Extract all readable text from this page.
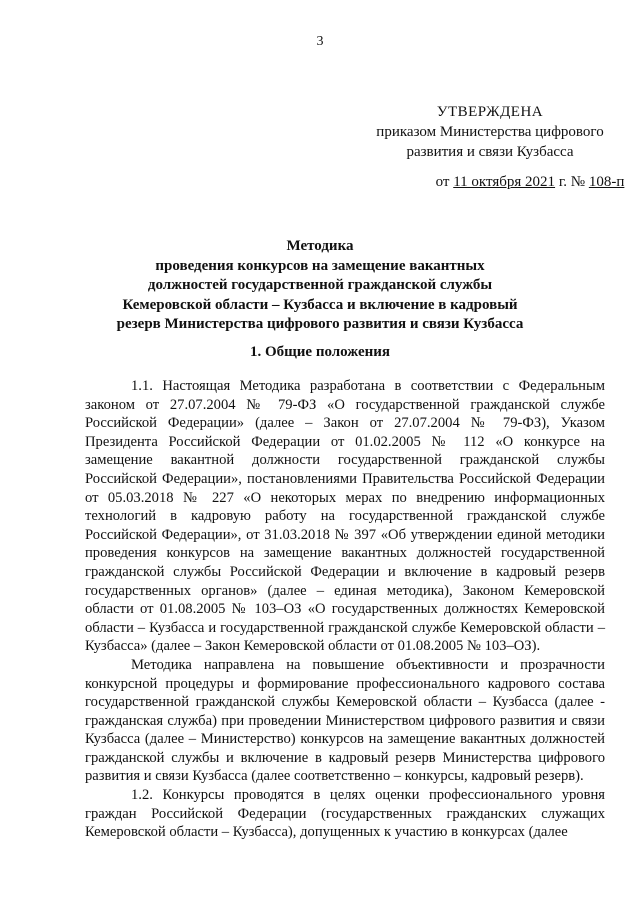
3
УТВЕРЖДЕНА
приказом Министерства цифрового
развития и связи Кузбасса
от 11 октября 2021 г. № 108-п
Методика
проведения конкурсов на замещение вакантных
должностей государственной гражданской службы
Кемеровской области – Кузбасса и включение в кадровый
резерв Министерства цифрового развития и связи Кузбасса
1. Общие положения

1.1. Настоящая Методика разработана в соответствии с Федеральным законом от 27.07.2004 № 79-ФЗ «О государственной гражданской службе Российской Федерации» (далее – Закон от 27.07.2004 № 79-ФЗ), Указом Президента Российской Федерации от 01.02.2005 № 112 «О конкурсе на замещение вакантной должности государственной гражданской службы Российской Федерации», постановлениями Правительства Российской Федерации от 05.03.2018 № 227 «О некоторых мерах по внедрению информационных технологий в кадровую работу на государственной гражданской службе Российской Федерации», от 31.03.2018 № 397 «Об утверждении единой методики проведения конкурсов на замещение вакантных должностей государственной гражданской службы Российской Федерации и включение в кадровый резерв государственных органов» (далее – единая методика), Законом Кемеровской области от 01.08.2005 № 103–ОЗ «О государственных должностях Кемеровской области – Кузбасса и государственной гражданской службе Кемеровской области – Кузбасса» (далее – Закон Кемеровской области от 01.08.2005 № 103–ОЗ).

Методика направлена на повышение объективности и прозрачности конкурсной процедуры и формирование профессионального кадрового состава государственной гражданской службы Кемеровской области – Кузбасса (далее - гражданская служба) при проведении Министерством цифрового развития и связи Кузбасса (далее – Министерство) конкурсов на замещение вакантных должностей гражданской службы и включение в кадровый резерв Министерства цифрового развития и связи Кузбасса (далее соответственно – конкурсы, кадровый резерв).

1.2. Конкурсы проводятся в целях оценки профессионального уровня граждан Российской Федерации (государственных гражданских служащих Кемеровской области – Кузбасса), допущенных к участию в конкурсах (далее
